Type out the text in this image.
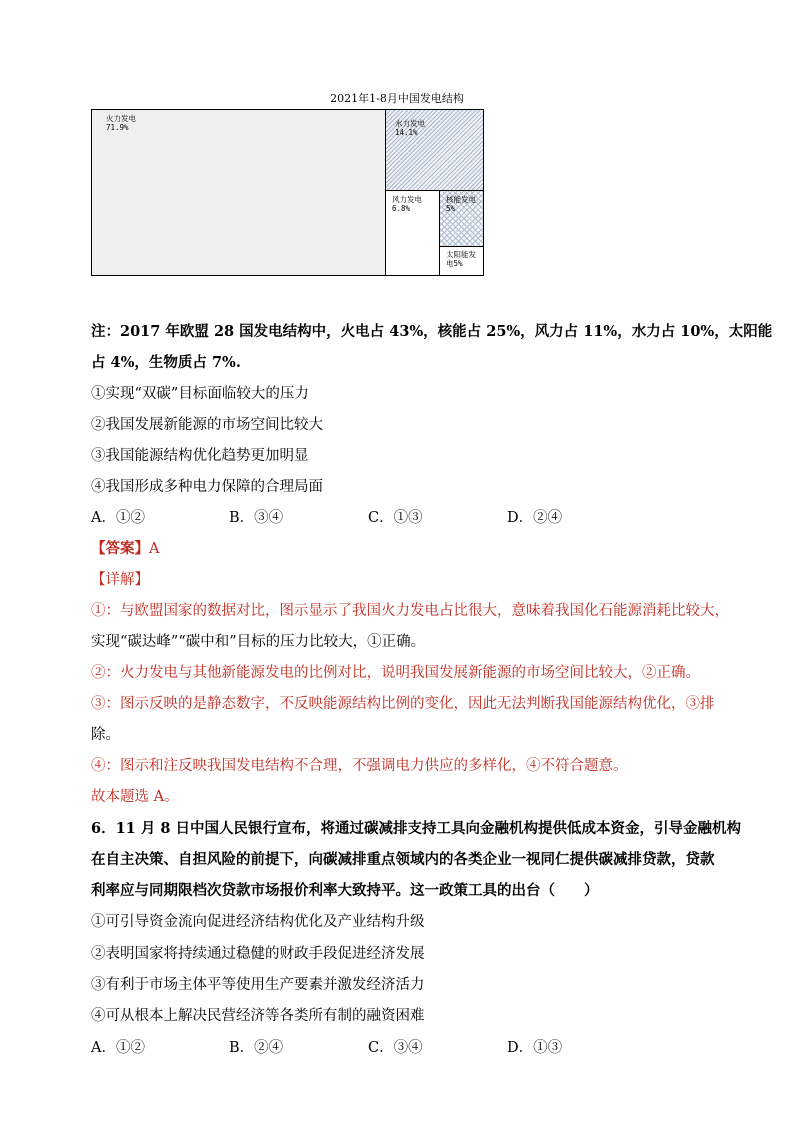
2021年1-8月中国发电结构
火力发电
71.9%	水力发电
14.1%
风力发电
6.8%
核能发电
5%
太阳能发
电5%
注：2017 年欧盟 28 国发电结构中，火电占 43%，核能占 25%，风力占 11%，水力占 10%，太阳能
占 4%，生物质占 7%.
①实现“双碳”目标面临较大的压力
②我国发展新能源的市场空间比较大
③我国能源结构优化趋势更加明显
④我国形成多种电力保障的合理局面
A．①②	B．③④	C．①③	D．②④
【答案】A
【详解】
①：与欧盟国家的数据对比，图示显示了我国火力发电占比很大，意味着我国化石能源消耗比较大，
实现“碳达峰”“碳中和”目标的压力比较大，①正确。
②：火力发电与其他新能源发电的比例对比，说明我国发展新能源的市场空间比较大，②正确。
③：图示反映的是静态数字，不反映能源结构比例的变化，因此无法判断我国能源结构优化，③排
除。
④：图示和注反映我国发电结构不合理，不强调电力供应的多样化，④不符合题意。
故本题选 A。
6．11 月 8 日中国人民银行宣布，将通过碳减排支持工具向金融机构提供低成本资金，引导金融机构
在自主决策、自担风险的前提下，向碳减排重点领域内的各类企业一视同仁提供碳减排贷款，贷款
利率应与同期限档次贷款市场报价利率大致持平。这一政策工具的出台（　　）
①可引导资金流向促进经济结构优化及产业结构升级
②表明国家将持续通过稳健的财政手段促进经济发展
③有利于市场主体平等使用生产要素并激发经济活力
④可从根本上解决民营经济等各类所有制的融资困难
A．①②	B．②④	C．③④	D．①③
